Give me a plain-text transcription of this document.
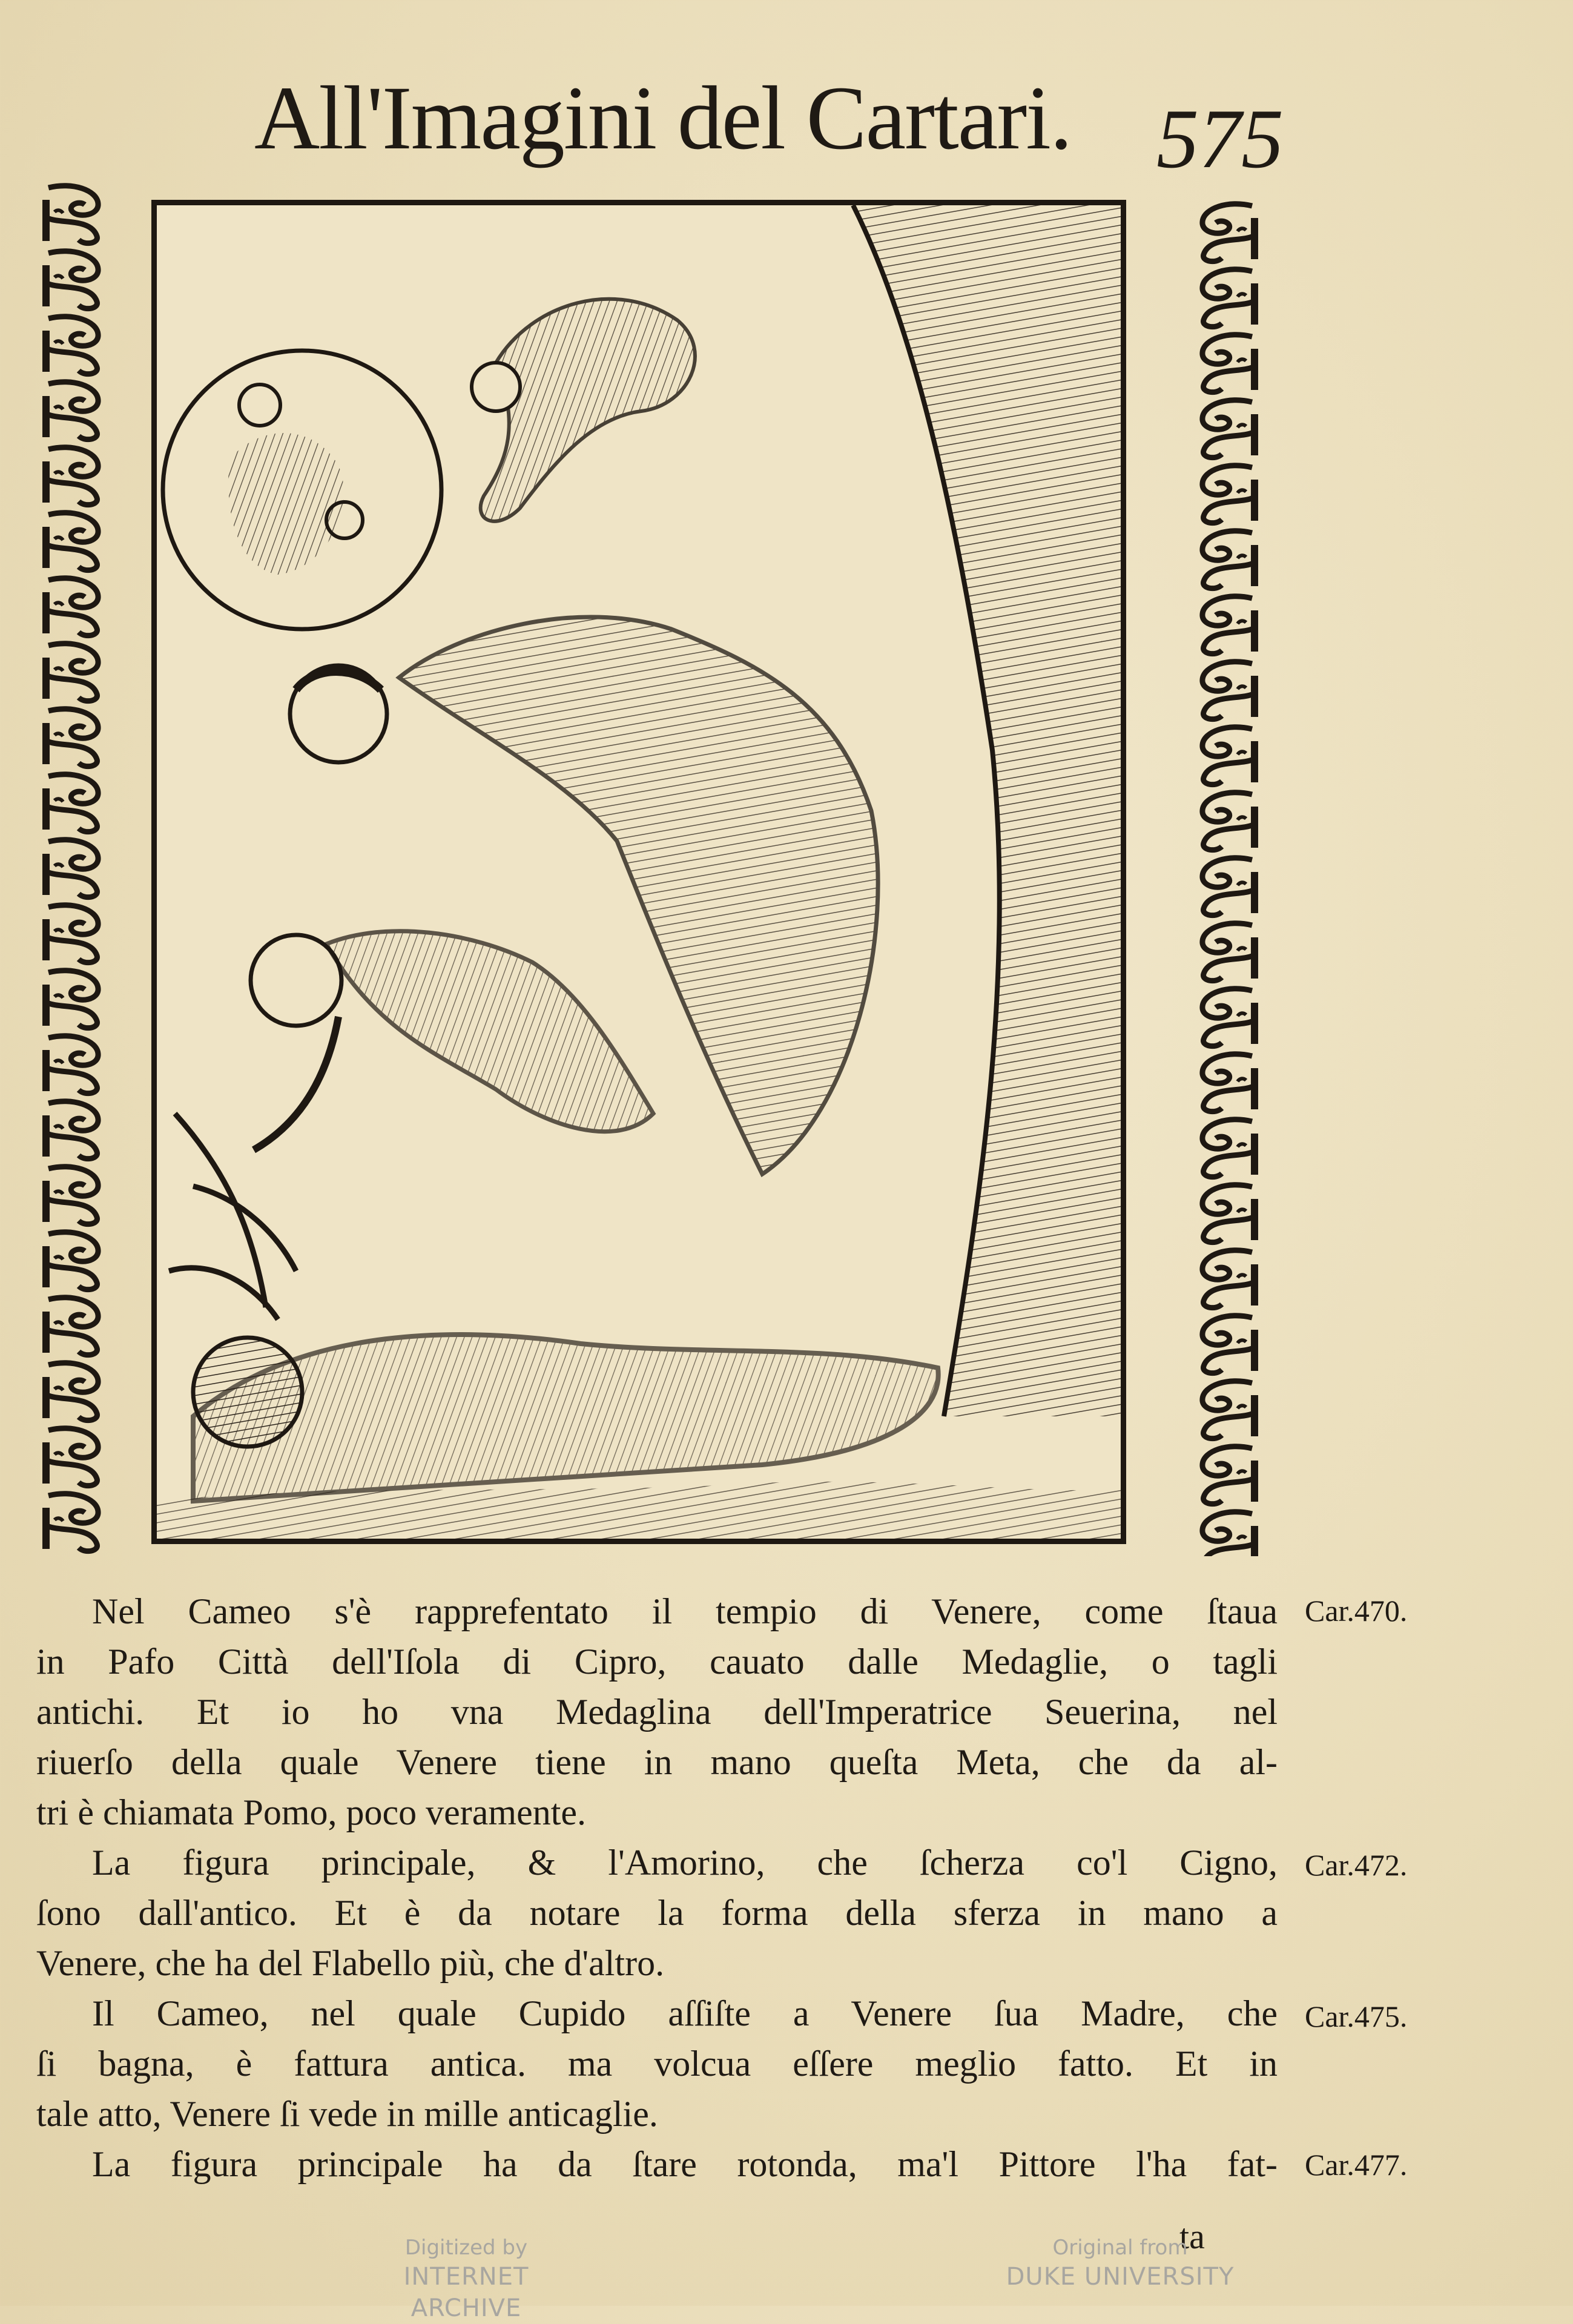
All'Imagini del Cartari. 575
Nel Cameo s'è rapprefentato il tempio di Venere, come ſtaua
in Pafo Città dell'Iſola di Cipro, cauato dalle Medaglie, o tagli
antichi. Et io ho vna Medaglina dell'Imperatrice Seuerina, nel
riuerſo della quale Venere tiene in mano queſta Meta, che da al-
tri è chiamata Pomo, poco veramente.
La figura principale, & l'Amorino, che ſcherza co'l Cigno,
ſono dall'antico. Et è da notare la forma della sferza in mano a
Venere, che ha del Flabello più, che d'altro.
Il Cameo, nel quale Cupido aſſiſte a Venere ſua Madre, che
ſi bagna, è fattura antica. ma volcua eſſere meglio fatto. Et in
tale atto, Venere ſi vede in mille anticaglie.
La figura principale ha da ſtare rotonda, ma'l Pittore l'ha fat-
Car.470.
Car.472.
Car.475.
Car.477.
ta
Digitized by
INTERNET ARCHIVE
Original from
DUKE UNIVERSITY
